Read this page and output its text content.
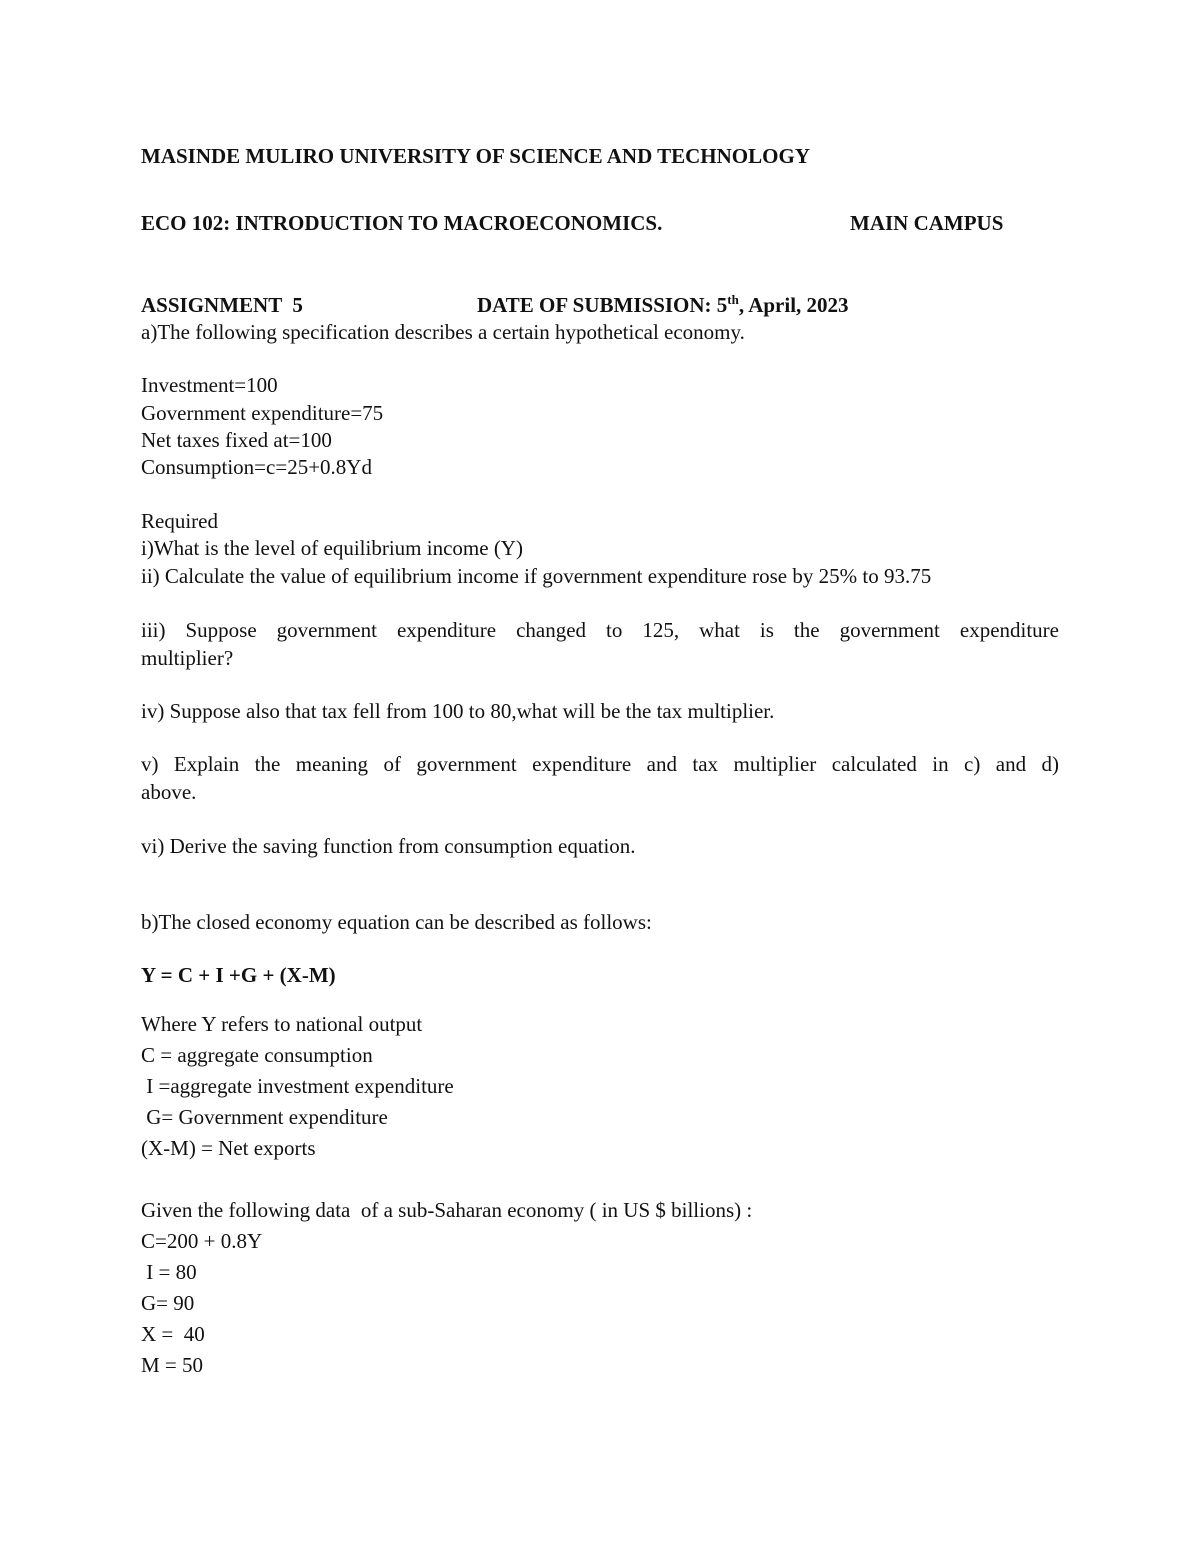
MASINDE MULIRO UNIVERSITY OF SCIENCE AND TECHNOLOGY
ECO 102: INTRODUCTION TO MACROECONOMICS.	MAIN CAMPUS
ASSIGNMENT  5	DATE OF SUBMISSION: 5th, April, 2023
a)The following specification describes a certain hypothetical economy.
Investment=100
Government expenditure=75
Net taxes fixed at=100
Consumption=c=25+0.8Yd
Required
i)What is the level of equilibrium income (Y)
ii) Calculate the value of equilibrium income if government expenditure rose by 25% to 93.75
iii) Suppose government expenditure changed to 125, what is the government expenditure
multiplier?
iv) Suppose also that tax fell from 100 to 80,what will be the tax multiplier.
v) Explain the meaning of government expenditure and tax multiplier calculated in c) and d)
above.
vi) Derive the saving function from consumption equation.
b)The closed economy equation can be described as follows:
Y = C + I +G + (X-M)
Where Y refers to national output
C = aggregate consumption
I =aggregate investment expenditure
G= Government expenditure
(X-M) = Net exports
Given the following data  of a sub-Saharan economy ( in US $ billions) :
C=200 + 0.8Y
I = 80
G= 90
X =  40
M = 50
